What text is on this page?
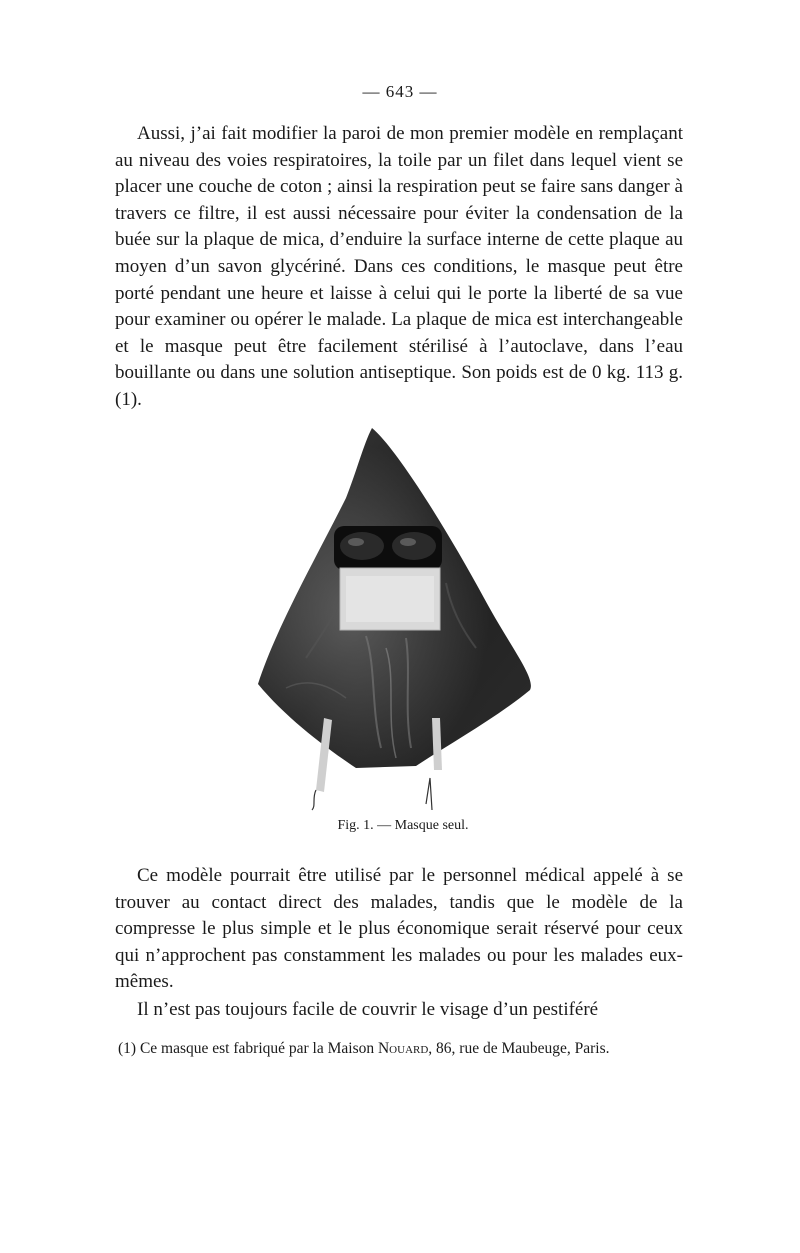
— 643 —

Aussi, j’ai fait modifier la paroi de mon premier modèle en remplaçant au niveau des voies respiratoires, la toile par un filet dans lequel vient se placer une couche de coton ; ainsi la respiration peut se faire sans danger à travers ce filtre, il est aussi nécessaire pour éviter la condensation de la buée sur la plaque de mica, d’enduire la surface interne de cette plaque au moyen d’un savon glycériné. Dans ces conditions, le masque peut être porté pendant une heure et laisse à celui qui le porte la liberté de sa vue pour examiner ou opérer le malade. La plaque de mica est interchangeable et le masque peut être facilement stérilisé à l’autoclave, dans l’eau bouillante ou dans une solution antiseptique. Son poids est de 0 kg. 113 g. (1).

Fig. 1. — Masque seul.

Ce modèle pourrait être utilisé par le personnel médical appelé à se trouver au contact direct des malades, tandis que le modèle de la compresse le plus simple et le plus économique serait réservé pour ceux qui n’approchent pas constamment les malades ou pour les malades eux-mêmes.

Il n’est pas toujours facile de couvrir le visage d’un pestiféré

(1) Ce masque est fabriqué par la Maison Nouard, 86, rue de Maubeuge, Paris.
